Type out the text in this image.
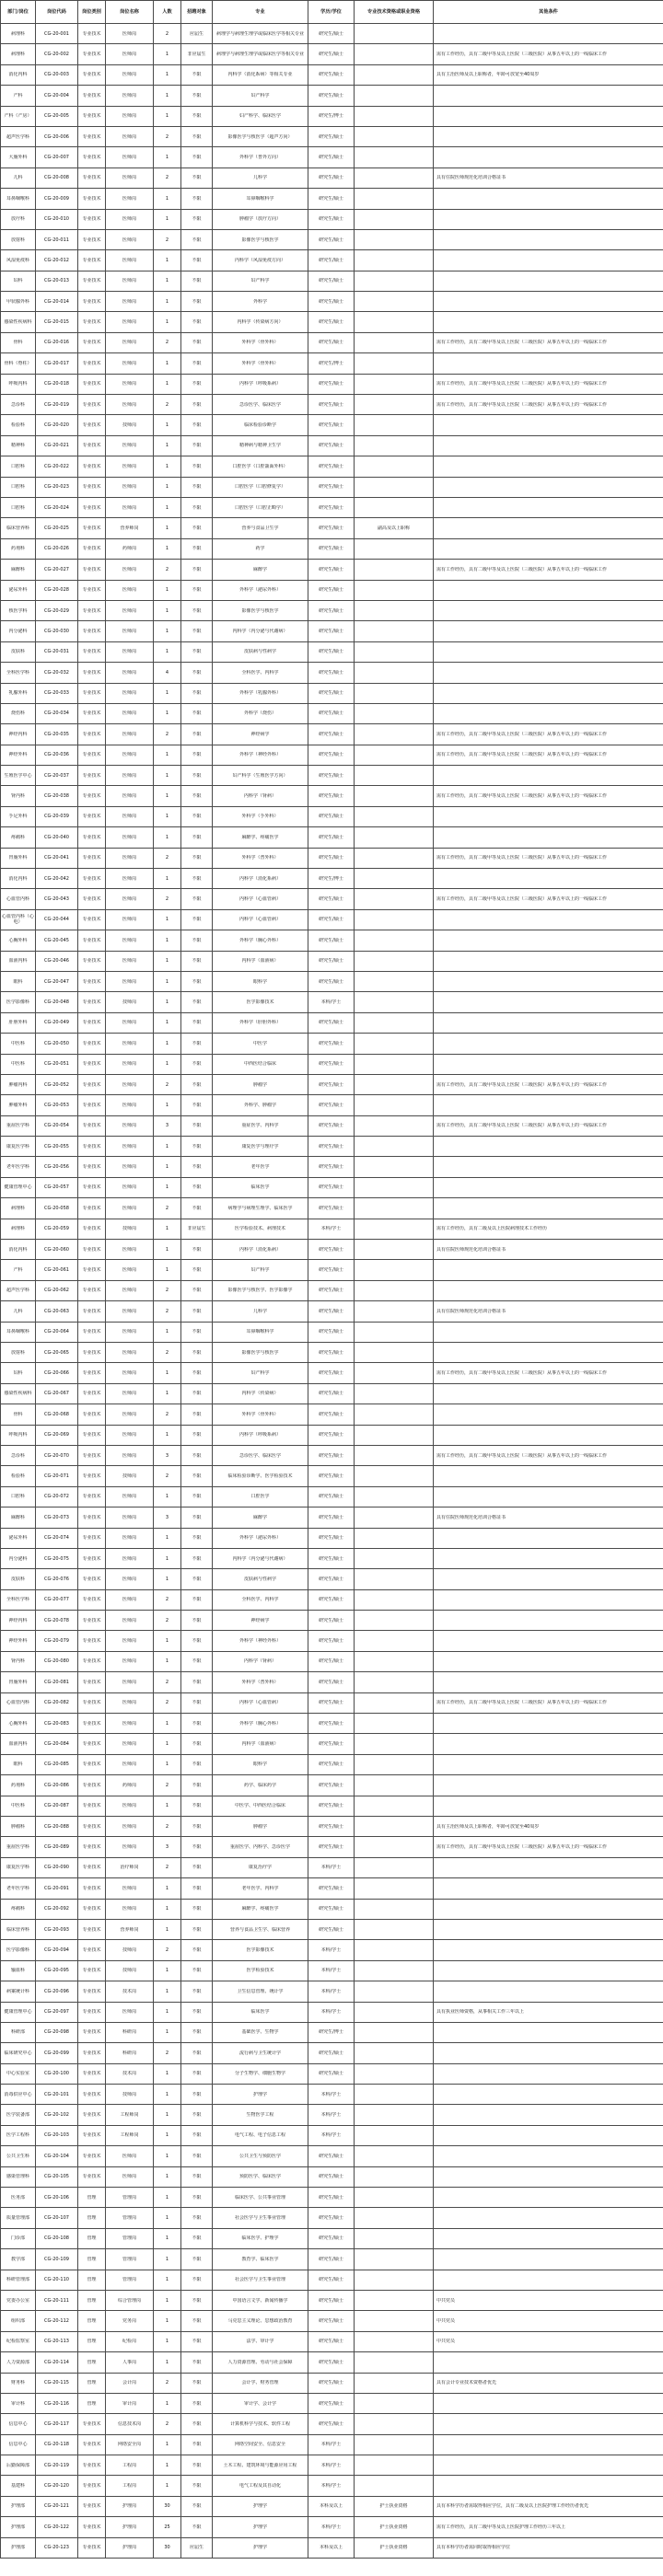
部门/岗位	岗位代码	岗位类别	岗位名称	人数	招聘对象	专业	学历/学位	专业技术资格或职业资格	其他条件

病理科	CG-20-001	专业技术	医师岗	2	应届生	病理学与病理生理学或临床医学等相关专业	研究生/硕士		

病理科	CG-20-002	专业技术	医师岗	1	非应届生	病理学与病理生理学或临床医学等相关专业	研究生/硕士		需有工作经历，具有二级甲等及以上医院（三级医院）从事五年以上的一线临床工作

消化内科	CG-20-003	专业技术	医师岗	1	不限	内科学（消化系病）等相关专业	研究生/硕士		具有主治医师及以上职称者，年龄可放宽至40周岁

产科	CG-20-004	专业技术	医师岗	1	不限	妇产科学	研究生/硕士		

产科（产房）	CG-20-005	专业技术	医师岗	1	不限	妇产科学、临床医学	研究生/博士		

超声医学科	CG-20-006	专业技术	医师岗	2	不限	影像医学与核医学（超声方向）	研究生/硕士		

大肠外科	CG-20-007	专业技术	医师岗	1	不限	外科学（普外方向）	研究生/硕士		

儿科	CG-20-008	专业技术	医师岗	2	不限	儿科学	研究生/硕士		具有住院医师规范化培训合格证书

耳鼻咽喉科	CG-20-009	专业技术	医师岗	1	不限	耳鼻咽喉科学	研究生/硕士		

放疗科	CG-20-010	专业技术	医师岗	1	不限	肿瘤学（放疗方向）	研究生/硕士		

放射科	CG-20-011	专业技术	医师岗	2	不限	影像医学与核医学	研究生/硕士		

风湿免疫科	CG-20-012	专业技术	医师岗	1	不限	内科学（风湿免疫方向）	研究生/硕士		

妇科	CG-20-013	专业技术	医师岗	1	不限	妇产科学	研究生/硕士		

甲状腺外科	CG-20-014	专业技术	医师岗	1	不限	外科学	研究生/硕士		

感染性疾病科	CG-20-015	专业技术	医师岗	1	不限	内科学（传染病方向）	研究生/硕士		

骨科	CG-20-016	专业技术	医师岗	2	不限	外科学（骨外科）	研究生/硕士		需有工作经历，具有二级甲等及以上医院（三级医院）从事五年以上的一线临床工作

骨科（脊柱）	CG-20-017	专业技术	医师岗	1	不限	外科学（骨外科）	研究生/博士		

呼吸内科	CG-20-018	专业技术	医师岗	1	不限	内科学（呼吸系病）	研究生/硕士		需有工作经历，具有二级甲等及以上医院（三级医院）从事五年以上的一线临床工作

急诊科	CG-20-019	专业技术	医师岗	2	不限	急诊医学、临床医学	研究生/硕士		需有工作经历，具有二级甲等及以上医院（三级医院）从事五年以上的一线临床工作

检验科	CG-20-020	专业技术	技师岗	1	不限	临床检验诊断学	研究生/硕士		

精神科	CG-20-021	专业技术	医师岗	1	不限	精神病与精神卫生学	研究生/硕士		

口腔科	CG-20-022	专业技术	医师岗	1	不限	口腔医学（口腔颌面外科）	研究生/硕士		

口腔科	CG-20-023	专业技术	医师岗	1	不限	口腔医学（口腔修复学）	研究生/硕士		

口腔科	CG-20-024	专业技术	医师岗	1	不限	口腔医学（口腔正畸学）	研究生/硕士		

临床营养科	CG-20-025	专业技术	营养师岗	1	不限	营养与食品卫生学	研究生/硕士	副高及以上职称	

药剂科	CG-20-026	专业技术	药师岗	1	不限	药学	研究生/硕士		

麻醉科	CG-20-027	专业技术	医师岗	2	不限	麻醉学	研究生/硕士		需有工作经历，具有二级甲等及以上医院（三级医院）从事五年以上的一线临床工作

泌尿外科	CG-20-028	专业技术	医师岗	1	不限	外科学（泌尿外科）	研究生/硕士		

核医学科	CG-20-029	专业技术	医师岗	1	不限	影像医学与核医学	研究生/硕士		

内分泌科	CG-20-030	专业技术	医师岗	1	不限	内科学（内分泌与代谢病）	研究生/硕士		

皮肤科	CG-20-031	专业技术	医师岗	1	不限	皮肤病与性病学	研究生/硕士		

全科医学科	CG-20-032	专业技术	医师岗	4	不限	全科医学、内科学	研究生/硕士		

乳腺外科	CG-20-033	专业技术	医师岗	1	不限	外科学（乳腺外科）	研究生/硕士		

烧伤科	CG-20-034	专业技术	医师岗	1	不限	外科学（烧伤）	研究生/硕士		

神经内科	CG-20-035	专业技术	医师岗	2	不限	神经病学	研究生/硕士		需有工作经历，具有二级甲等及以上医院（三级医院）从事五年以上的一线临床工作

神经外科	CG-20-036	专业技术	医师岗	1	不限	外科学（神经外科）	研究生/硕士		需有工作经历，具有二级甲等及以上医院（三级医院）从事五年以上的一线临床工作

生殖医学中心	CG-20-037	专业技术	医师岗	1	不限	妇产科学（生殖医学方向）	研究生/硕士		

肾内科	CG-20-038	专业技术	医师岗	1	不限	内科学（肾病）	研究生/硕士		需有工作经历，具有二级甲等及以上医院（三级医院）从事五年以上的一线临床工作

手足外科	CG-20-039	专业技术	医师岗	1	不限	外科学（手外科）	研究生/硕士		

疼痛科	CG-20-040	专业技术	医师岗	1	不限	麻醉学、疼痛医学	研究生/硕士		

胃肠外科	CG-20-041	专业技术	医师岗	2	不限	外科学（普外科）	研究生/硕士		需有工作经历，具有二级甲等及以上医院（三级医院）从事五年以上的一线临床工作

消化内科	CG-20-042	专业技术	医师岗	1	不限	内科学（消化系病）	研究生/博士		

心血管内科	CG-20-043	专业技术	医师岗	2	不限	内科学（心血管病）	研究生/硕士		需有工作经历，具有二级甲等及以上医院（三级医院）从事五年以上的一线临床工作

心血管内科（心电）	CG-20-044	专业技术	医师岗	1	不限	内科学（心血管病）	研究生/硕士		

心胸外科	CG-20-045	专业技术	医师岗	1	不限	外科学（胸心外科）	研究生/硕士		

血液内科	CG-20-046	专业技术	医师岗	1	不限	内科学（血液病）	研究生/硕士		

眼科	CG-20-047	专业技术	医师岗	1	不限	眼科学	研究生/硕士		

医学影像科	CG-20-048	专业技术	技师岗	1	不限	医学影像技术	本科/学士		

肝胆外科	CG-20-049	专业技术	医师岗	1	不限	外科学（肝胆外科）	研究生/硕士		

中医科	CG-20-050	专业技术	医师岗	1	不限	中医学	研究生/硕士		

中医科	CG-20-051	专业技术	医师岗	1	不限	中西医结合临床	研究生/硕士		

肿瘤内科	CG-20-052	专业技术	医师岗	2	不限	肿瘤学	研究生/硕士		需有工作经历，具有二级甲等及以上医院（三级医院）从事五年以上的一线临床工作

肿瘤外科	CG-20-053	专业技术	医师岗	1	不限	外科学、肿瘤学	研究生/硕士		

重症医学科	CG-20-054	专业技术	医师岗	3	不限	重症医学、内科学	研究生/硕士		需有工作经历，具有二级甲等及以上医院（三级医院）从事五年以上的一线临床工作

康复医学科	CG-20-055	专业技术	医师岗	1	不限	康复医学与理疗学	研究生/硕士		

老年医学科	CG-20-056	专业技术	医师岗	1	不限	老年医学	研究生/硕士		

健康管理中心	CG-20-057	专业技术	医师岗	1	不限	临床医学	研究生/硕士		

病理科	CG-20-058	专业技术	医师岗	2	不限	病理学与病理生理学、临床医学	研究生/硕士		

病理科	CG-20-059	专业技术	技师岗	1	非应届生	医学检验技术、病理技术	本科/学士		需有工作经历，具有二级及以上医院病理技术工作经历

消化内科	CG-20-060	专业技术	医师岗	1	不限	内科学（消化系病）	研究生/硕士		具有住院医师规范化培训合格证书

产科	CG-20-061	专业技术	医师岗	1	不限	妇产科学	研究生/硕士		

超声医学科	CG-20-062	专业技术	医师岗	2	不限	影像医学与核医学、医学影像学	研究生/硕士		

儿科	CG-20-063	专业技术	医师岗	2	不限	儿科学	研究生/硕士		具有住院医师规范化培训合格证书

耳鼻咽喉科	CG-20-064	专业技术	医师岗	1	不限	耳鼻咽喉科学	研究生/硕士		

放射科	CG-20-065	专业技术	医师岗	2	不限	影像医学与核医学	研究生/硕士		

妇科	CG-20-066	专业技术	医师岗	1	不限	妇产科学	研究生/硕士		需有工作经历，具有二级甲等及以上医院（三级医院）从事五年以上的一线临床工作

感染性疾病科	CG-20-067	专业技术	医师岗	1	不限	内科学（传染病）	研究生/硕士		

骨科	CG-20-068	专业技术	医师岗	2	不限	外科学（骨外科）	研究生/硕士		

呼吸内科	CG-20-069	专业技术	医师岗	1	不限	内科学（呼吸系病）	研究生/硕士		

急诊科	CG-20-070	专业技术	医师岗	3	不限	急诊医学、临床医学	研究生/硕士		需有工作经历，具有二级甲等及以上医院（三级医院）从事五年以上的一线临床工作

检验科	CG-20-071	专业技术	技师岗	2	不限	临床检验诊断学、医学检验技术	研究生/硕士		

口腔科	CG-20-072	专业技术	医师岗	1	不限	口腔医学	研究生/硕士		

麻醉科	CG-20-073	专业技术	医师岗	3	不限	麻醉学	研究生/硕士		具有住院医师规范化培训合格证书

泌尿外科	CG-20-074	专业技术	医师岗	1	不限	外科学（泌尿外科）	研究生/硕士		

内分泌科	CG-20-075	专业技术	医师岗	1	不限	内科学（内分泌与代谢病）	研究生/硕士		

皮肤科	CG-20-076	专业技术	医师岗	1	不限	皮肤病与性病学	研究生/硕士		

全科医学科	CG-20-077	专业技术	医师岗	2	不限	全科医学、内科学	研究生/硕士		

神经内科	CG-20-078	专业技术	医师岗	2	不限	神经病学	研究生/硕士		

神经外科	CG-20-079	专业技术	医师岗	1	不限	外科学（神经外科）	研究生/硕士		

肾内科	CG-20-080	专业技术	医师岗	1	不限	内科学（肾病）	研究生/硕士		

胃肠外科	CG-20-081	专业技术	医师岗	2	不限	外科学（普外科）	研究生/硕士		

心血管内科	CG-20-082	专业技术	医师岗	2	不限	内科学（心血管病）	研究生/硕士		需有工作经历，具有二级甲等及以上医院（三级医院）从事五年以上的一线临床工作

心胸外科	CG-20-083	专业技术	医师岗	1	不限	外科学（胸心外科）	研究生/硕士		

血液内科	CG-20-084	专业技术	医师岗	1	不限	内科学（血液病）	研究生/硕士		

眼科	CG-20-085	专业技术	医师岗	1	不限	眼科学	研究生/硕士		

药剂科	CG-20-086	专业技术	药师岗	2	不限	药学、临床药学	研究生/硕士		

中医科	CG-20-087	专业技术	医师岗	1	不限	中医学、中西医结合临床	研究生/硕士		

肿瘤科	CG-20-088	专业技术	医师岗	2	不限	肿瘤学	研究生/硕士		具有主治医师及以上职称者，年龄可放宽至40周岁

重症医学科	CG-20-089	专业技术	医师岗	3	不限	重症医学、内科学、急诊医学	研究生/硕士		需有工作经历，具有二级甲等及以上医院（三级医院）从事五年以上的一线临床工作

康复医学科	CG-20-090	专业技术	治疗师岗	2	不限	康复治疗学	本科/学士		

老年医学科	CG-20-091	专业技术	医师岗	1	不限	老年医学、内科学	研究生/硕士		

疼痛科	CG-20-092	专业技术	医师岗	1	不限	麻醉学、疼痛医学	研究生/硕士		

临床营养科	CG-20-093	专业技术	营养师岗	1	不限	营养与食品卫生学、临床营养	研究生/硕士		

医学影像科	CG-20-094	专业技术	技师岗	2	不限	医学影像技术	本科/学士		

输血科	CG-20-095	专业技术	技师岗	1	不限	医学检验技术	本科/学士		

病案统计科	CG-20-096	专业技术	技术岗	1	不限	卫生信息管理、统计学	本科/学士		

健康管理中心	CG-20-097	专业技术	医师岗	1	不限	临床医学	本科/学士		具有执业医师资格，从事相关工作三年以上

科研部	CG-20-098	专业技术	科研岗	1	不限	基础医学、生物学	研究生/博士		

临床研究中心	CG-20-099	专业技术	科研岗	2	不限	流行病与卫生统计学	研究生/硕士		

中心实验室	CG-20-100	专业技术	技术岗	1	不限	分子生物学、细胞生物学	研究生/硕士		

消毒供应中心	CG-20-101	专业技术	技师岗	1	不限	护理学	本科/学士		

医学装备部	CG-20-102	专业技术	工程师岗	1	不限	生物医学工程	本科/学士		

医学工程科	CG-20-103	专业技术	工程师岗	1	不限	电气工程、电子信息工程	本科/学士		

公共卫生科	CG-20-104	专业技术	医师岗	1	不限	公共卫生与预防医学	研究生/硕士		

感染管理科	CG-20-105	专业技术	医师岗	1	不限	预防医学、临床医学	研究生/硕士		

医务部	CG-20-106	管理	管理岗	1	不限	临床医学、公共事业管理	研究生/硕士		

质量管理部	CG-20-107	管理	管理岗	1	不限	社会医学与卫生事业管理	研究生/硕士		

门诊部	CG-20-108	管理	管理岗	1	不限	临床医学、护理学	研究生/硕士		

教学部	CG-20-109	管理	管理岗	1	不限	教育学、临床医学	研究生/硕士		

科研管理部	CG-20-110	管理	管理岗	1	不限	社会医学与卫生事业管理	研究生/硕士		

党委办公室	CG-20-111	管理	综合管理岗	1	不限	中国语言文学、新闻传播学	研究生/硕士		中共党员

组织部	CG-20-112	管理	党务岗	1	不限	马克思主义理论、思想政治教育	研究生/硕士		中共党员

纪检监察室	CG-20-113	管理	纪检岗	1	不限	法学、审计学	研究生/硕士		中共党员

人力资源部	CG-20-114	管理	人事岗	1	不限	人力资源管理、劳动与社会保障	研究生/硕士		

财务科	CG-20-115	管理	会计岗	2	不限	会计学、财务管理	研究生/硕士		具有会计专业技术资格者优先

审计科	CG-20-116	管理	审计岗	1	不限	审计学、会计学	研究生/硕士		

信息中心	CG-20-117	专业技术	信息技术岗	2	不限	计算机科学与技术、软件工程	研究生/硕士		

信息中心	CG-20-118	专业技术	网络安全岗	1	不限	网络空间安全、信息安全	本科/学士		

后勤保障部	CG-20-119	专业技术	工程岗	1	不限	土木工程、建筑环境与能源应用工程	本科/学士		

基建科	CG-20-120	专业技术	工程岗	1	不限	电气工程及其自动化	本科/学士		

护理部	CG-20-121	专业技术	护理岗	30	不限	护理学	本科及以上	护士执业资格	具有本科学历者需取得相应学位，具有二级及以上医院护理工作经历者优先

护理部	CG-20-122	专业技术	护理岗	25	不限	护理学	本科/学士	护士执业资格	需有工作经历，具有二级甲等及以上医院护理工作经历三年以上

护理部	CG-20-123	专业技术	护理岗	30	应届生	护理学	本科及以上	护士执业资格	具有本科学历者需同时取得相应学位
